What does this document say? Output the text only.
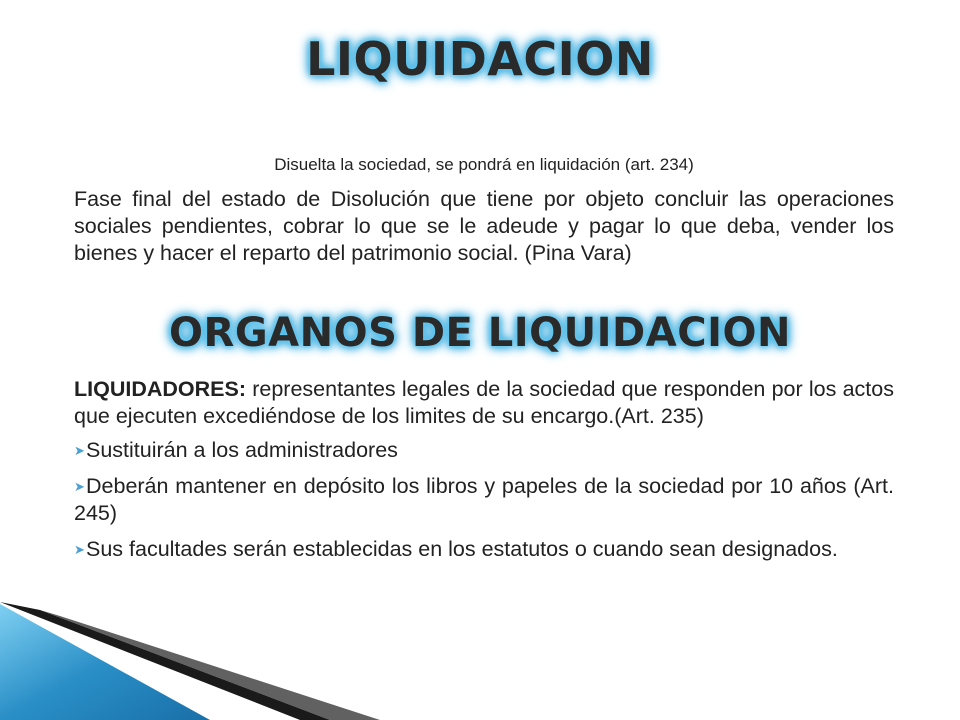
LIQUIDACION
Disuelta la sociedad, se pondrá en liquidación (art. 234)
Fase final del estado de Disolución que tiene por objeto concluir las operaciones sociales pendientes, cobrar lo que se le adeude y pagar lo que deba, vender los bienes y hacer el reparto del patrimonio social. (Pina Vara)
ORGANOS DE LIQUIDACION
LIQUIDADORES: representantes legales de la sociedad que responden por los actos que ejecuten excediéndose de los limites de su encargo.(Art. 235)
➤Sustituirán a los administradores
➤Deberán mantener en depósito los libros y papeles de la sociedad por 10 años (Art. 245)
➤Sus facultades serán establecidas en los estatutos o cuando sean designados.
